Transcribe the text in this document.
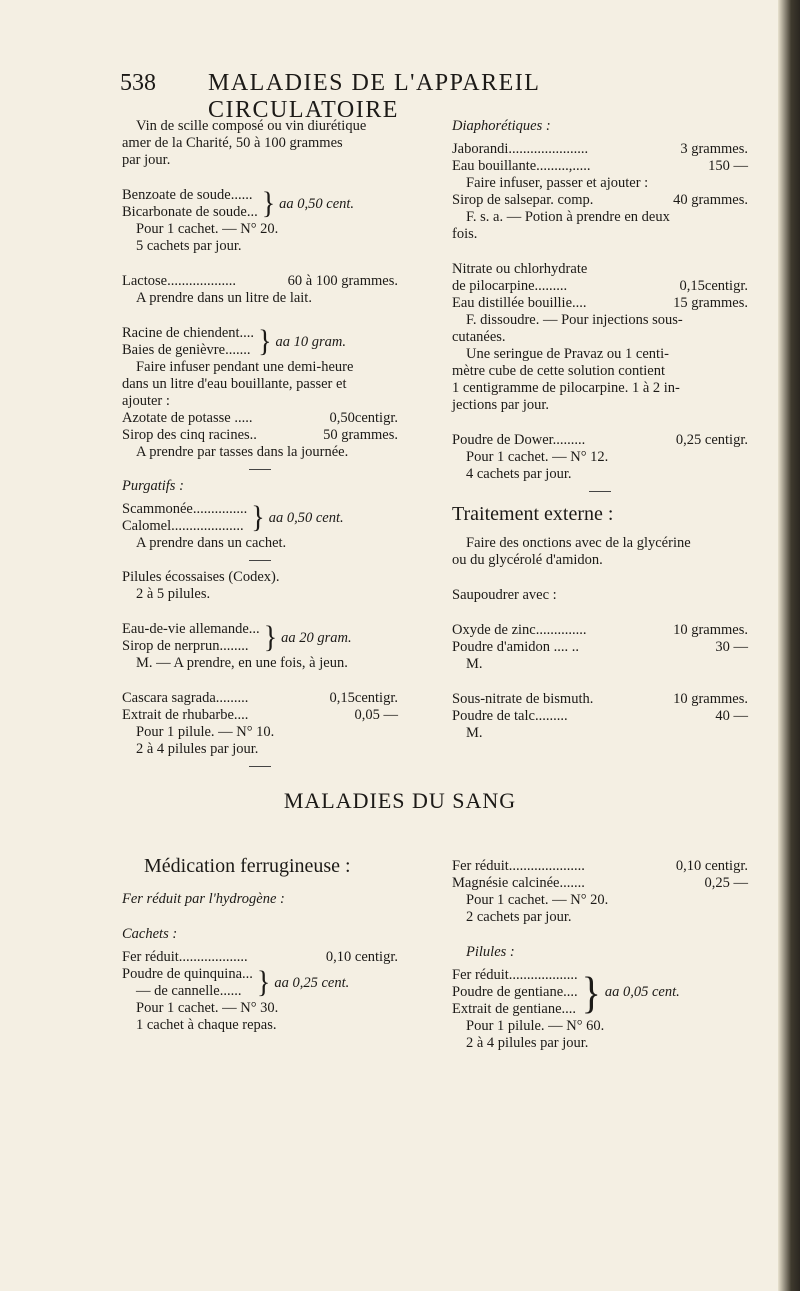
538 MALADIES DE L'APPAREIL CIRCULATOIRE

Vin de scille composé ou vin diurétique

amer de la Charité, 50 à 100 grammes

par jour.

Benzoate de soude......
Bicarbonate de soude... } aa 0,50 cent.

Pour 1 cachet. — N° 20.

5 cachets par jour.

Lactose...................	60 à 100 grammes.

A prendre dans un litre de lait.

Racine de chiendent....
Baies de genièvre....... } aa 10 gram.

Faire infuser pendant une demi-heure

dans un litre d'eau bouillante, passer et

ajouter :

Azotate de potasse .....	0,50centigr.
Sirop des cinq racines..	50 grammes.

A prendre par tasses dans la journée.

Purgatifs :

Scammonée...............
Calomel.................... } aa 0,50 cent.

A prendre dans un cachet.

Pilules écossaises (Codex).

2 à 5 pilules.

Eau-de-vie allemande...
Sirop de nerprun........ } aa 20 gram.

M. — A prendre, en une fois, à jeun.

Cascara sagrada.........	0,15centigr.
Extrait de rhubarbe....	0,05 —

Pour 1 pilule. — N° 10.

2 à 4 pilules par jour.

Diaphorétiques :

Jaborandi......................	3 grammes.
Eau bouillante.........,.....	150 —

Faire infuser, passer et ajouter :

Sirop de salsepar. comp.	40 grammes.

F. s. a. — Potion à prendre en deux

fois.

Nitrate ou chlorhydrate

de pilocarpine.........	0,15centigr.
Eau distillée bouillie....	15 grammes.

F. dissoudre. — Pour injections sous-

cutanées.

Une seringue de Pravaz ou 1 centi-

mètre cube de cette solution contient

1 centigramme de pilocarpine. 1 à 2 in-

jections par jour.

Poudre de Dower.........	0,25 centigr.

Pour 1 cachet. — N° 12.

4 cachets par jour.

Traitement externe :

Faire des onctions avec de la glycérine

ou du glycérolé d'amidon.

Saupoudrer avec :

Oxyde de zinc..............	10 grammes.
Poudre d'amidon .... ..	30 —

M.

Sous-nitrate de bismuth.	10 grammes.
Poudre de talc.........	40 —

M.

MALADIES DU SANG

Médication ferrugineuse :

Fer réduit par l'hydrogène :

Cachets :

Fer réduit...................	0,10 centigr.
Poudre de quinquina...
— de cannelle...... } aa 0,25 cent.

Pour 1 cachet. — N° 30.

1 cachet à chaque repas.

Fer réduit.....................	0,10 centigr.
Magnésie calcinée.......	0,25 —

Pour 1 cachet. — N° 20.

2 cachets par jour.

Pilules :

Fer réduit...................
Poudre de gentiane....
Extrait de gentiane.... } aa 0,05 cent.

Pour 1 pilule. — N° 60.

2 à 4 pilules par jour.
